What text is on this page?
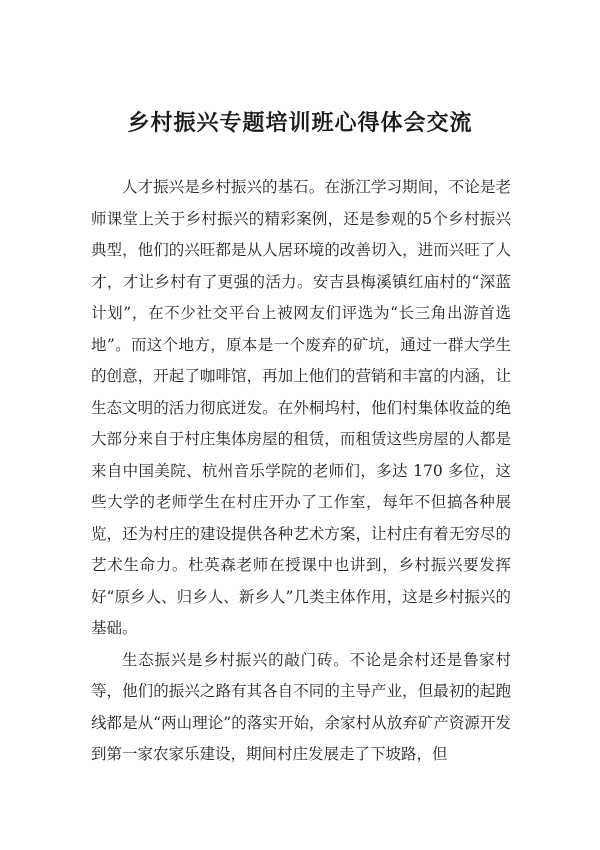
乡村振兴专题培训班心得体会交流

人才振兴是乡村振兴的基石。在浙江学习期间，不论是老师课堂上关于乡村振兴的精彩案例，还是参观的5个乡村振兴典型，他们的兴旺都是从人居环境的改善切入，进而兴旺了人才，才让乡村有了更强的活力。安吉县梅溪镇红庙村的“深蓝计划”，在不少社交平台上被网友们评选为“长三角出游首选地”。而这个地方，原本是一个废弃的矿坑，通过一群大学生的创意，开起了咖啡馆，再加上他们的营销和丰富的内涵，让生态文明的活力彻底迸发。在外桐坞村，他们村集体收益的绝大部分来自于村庄集体房屋的租赁，而租赁这些房屋的人都是来自中国美院、杭州音乐学院的老师们，多达 170 多位，这些大学的老师学生在村庄开办了工作室，每年不但搞各种展览，还为村庄的建设提供各种艺术方案，让村庄有着无穷尽的艺术生命力。杜英森老师在授课中也讲到，乡村振兴要发挥好“原乡人、归乡人、新乡人”几类主体作用，这是乡村振兴的基础。

生态振兴是乡村振兴的敲门砖。不论是余村还是鲁家村等，他们的振兴之路有其各自不同的主导产业，但最初的起跑线都是从“两山理论”的落实开始，余家村从放弃矿产资源开发到第一家农家乐建设，期间村庄发展走了下坡路，但
